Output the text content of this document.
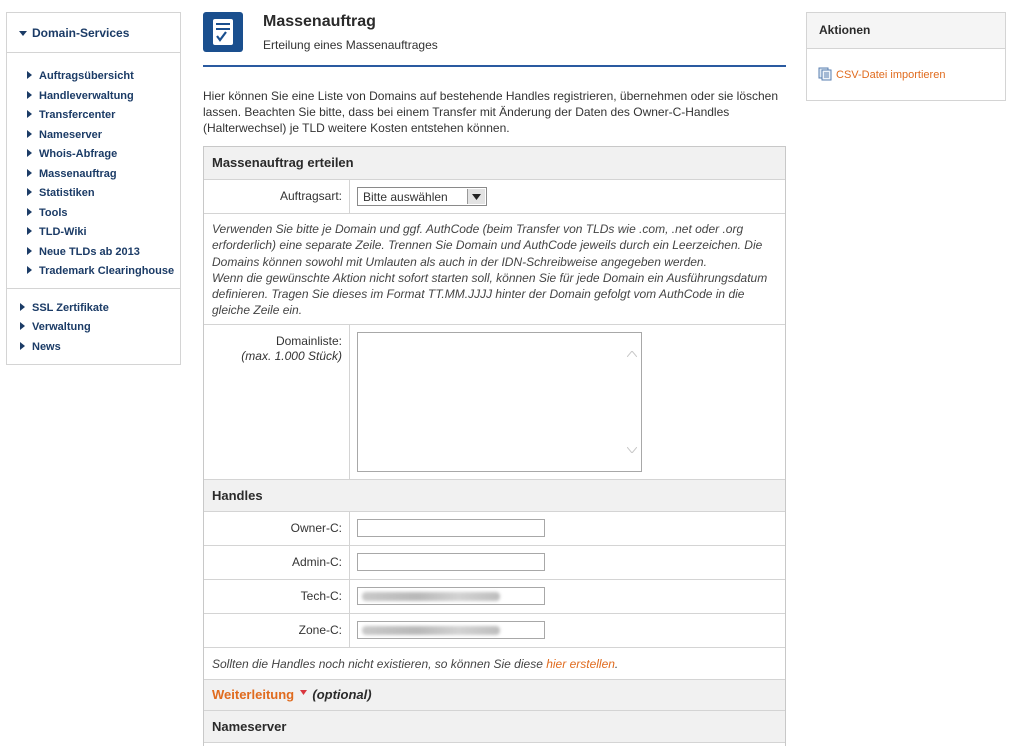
Domain-Services
Auftragsübersicht
Handleverwaltung
Transfercenter
Nameserver
Whois-Abfrage
Massenauftrag
Statistiken
Tools
TLD-Wiki
Neue TLDs ab 2013
Trademark Clearinghouse
SSL Zertifikate
Verwaltung
News
Massenauftrag
Erteilung eines Massenauftrages
Hier können Sie eine Liste von Domains auf bestehende Handles registrieren, übernehmen oder sie löschen lassen. Beachten Sie bitte, dass bei einem Transfer mit Änderung der Daten des Owner-C-Handles (Halterwechsel) je TLD weitere Kosten entstehen können.
Massenauftrag erteilen
Auftragsart:	Bitte auswählen
Verwenden Sie bitte je Domain und ggf. AuthCode (beim Transfer von TLDs wie .com, .net oder .org erforderlich) eine separate Zeile. Trennen Sie Domain und AuthCode jeweils durch ein Leerzeichen. Die Domains können sowohl mit Umlauten als auch in der IDN-Schreibweise angegeben werden.
Wenn die gewünschte Aktion nicht sofort starten soll, können Sie für jede Domain ein Ausführungsdatum definieren. Tragen Sie dieses im Format TT.MM.JJJJ hinter der Domain gefolgt vom AuthCode in die gleiche Zeile ein.
Domainliste:
(max. 1.000 Stück)
Handles
Owner-C:
Admin-C:
Tech-C:
Zone-C:
Sollten die Handles noch nicht existieren, so können Sie diese hier erstellen.
Weiterleitung (optional)
Nameserver
Aktionen
CSV-Datei importieren
